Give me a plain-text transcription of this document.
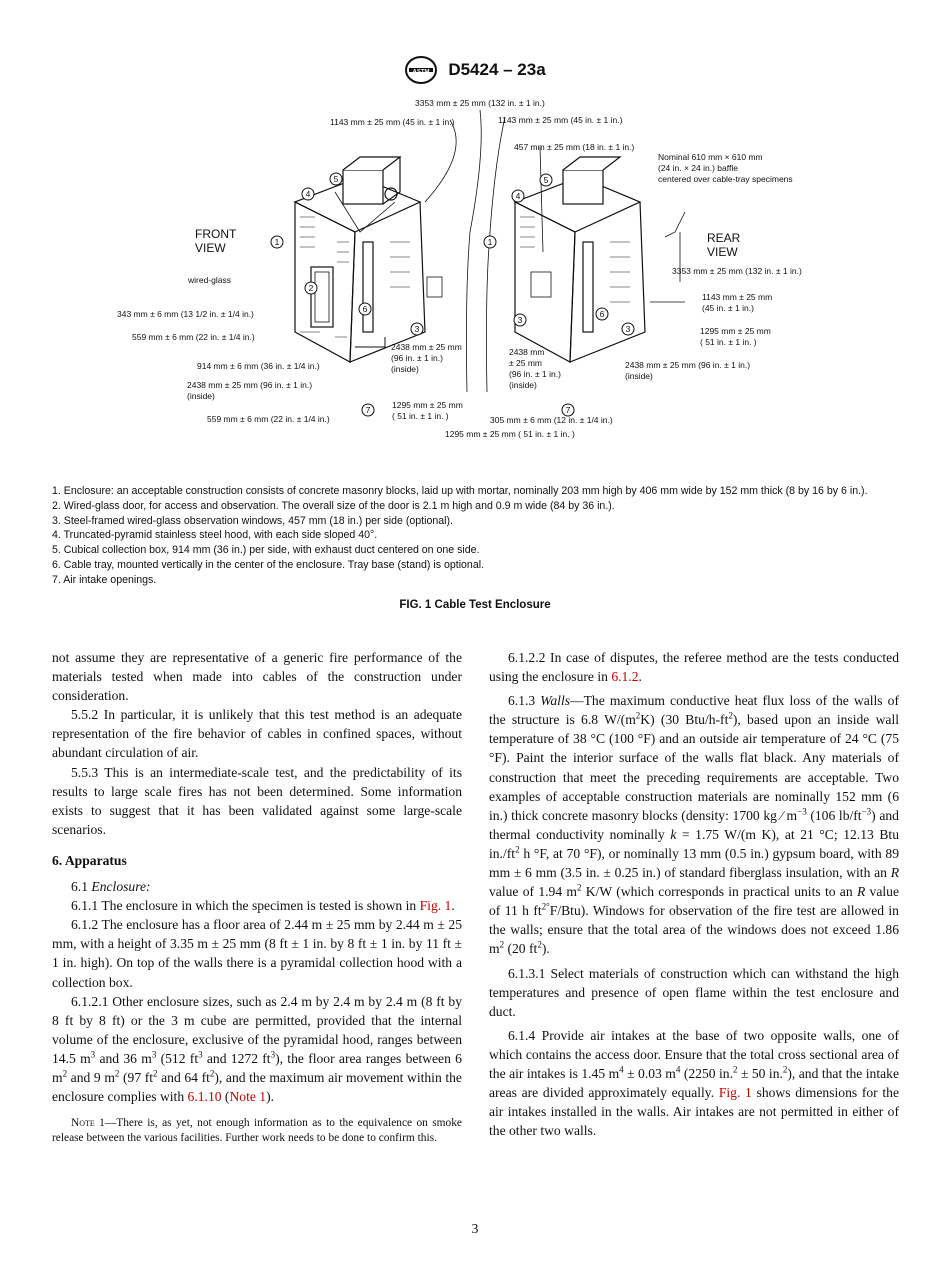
ASTM D5424 – 23a
1
2
4
5
6
3
7
1
4
5
3
6
3
7
FRONT VIEW
REAR VIEW
wired-glass
3353 mm ± 25 mm (132 in. ± 1 in.)
1143 mm ± 25 mm (45 in. ± 1 in.)	1143 mm ± 25 mm (45 in. ± 1 in.)
457 mm ± 25 mm (18 in. ± 1 in.)
Nominal 610 mm × 610 mm (24 in. × 24 in.) baffle centered over cable-tray specimens
3353 mm ± 25 mm (132 in. ± 1 in.)
343 mm ± 6 mm (13 1/2 in. ± 1/4 in.)
559 mm ± 6 mm (22 in. ± 1/4 in.)
914 mm ± 6 mm (36 in. ± 1/4 in.)
2438 mm ± 25 mm (96 in. ± 1 in.) (inside)
559 mm ± 6 mm (22 in. ± 1/4 in.)
2438 mm ± 25 mm (96 in. ± 1 in.) (inside)
2438 mm ± 25 mm (96 in. ± 1 in.) (inside)
1295 mm ± 25 mm ( 51 in. ± 1 in. )	305 mm ± 6 mm (12 in. ± 1/4 in.)
1295 mm ± 25 mm ( 51 in. ± 1 in. )
1143 mm ± 25 mm (45 in. ± 1 in.)
1295 mm ± 25 mm ( 51 in. ± 1 in. )
2438 mm ± 25 mm (96 in. ± 1 in.) (inside)
1. Enclosure: an acceptable construction consists of concrete masonry blocks, laid up with mortar, nominally 203 mm high by 406 mm wide by 152 mm thick (8 by 16 by 6 in.).
2. Wired-glass door, for access and observation. The overall size of the door is 2.1 m high and 0.9 m wide (84 by 36 in.).
3. Steel-framed wired-glass observation windows, 457 mm (18 in.) per side (optional).
4. Truncated-pyramid stainless steel hood, with each side sloped 40°.
5. Cubical collection box, 914 mm (36 in.) per side, with exhaust duct centered on one side.
6. Cable tray, mounted vertically in the center of the enclosure. Tray base (stand) is optional.
7. Air intake openings.
FIG. 1 Cable Test Enclosure

not assume they are representative of a generic fire performance of the materials tested when made into cables of the construction under consideration.

5.5.2 In particular, it is unlikely that this test method is an adequate representation of the fire behavior of cables in confined spaces, without abundant circulation of air.

5.5.3 This is an intermediate-scale test, and the predictability of its results to large scale fires has not been determined. Some information exists to suggest that it has been validated against some large-scale scenarios.

6. Apparatus

6.1 Enclosure:

6.1.1 The enclosure in which the specimen is tested is shown in Fig. 1.

6.1.2 The enclosure has a floor area of 2.44 m ± 25 mm by 2.44 m ± 25 mm, with a height of 3.35 m ± 25 mm (8 ft ± 1 in. by 8 ft ± 1 in. by 11 ft ± 1 in. high). On top of the walls there is a pyramidal collection hood with a collection box.

6.1.2.1 Other enclosure sizes, such as 2.4 m by 2.4 m by 2.4 m (8 ft by 8 ft by 8 ft) or the 3 m cube are permitted, provided that the internal volume of the enclosure, exclusive of the pyramidal hood, ranges between 14.5 $m^3$ and 36 $m^3$ (512 $ft^3$ and 1272 $ft^3$), the floor area ranges between 6 $m^2$ and 9 $m^2$ (97 $ft^2$ and 64 $ft^2$), and the maximum air movement within the enclosure complies with 6.1.10 (Note 1).

Note 1—There is, as yet, not enough information as to the equivalence on smoke release between the various facilities. Further work needs to be done to confirm this.

6.1.2.2 In case of disputes, the referee method are the tests conducted using the enclosure in 6.1.2.

6.1.3 Walls—The maximum conductive heat flux loss of the walls of the structure is 6.8 $W/(m^2K)$ (30 Btu/$h-ft^2$), based upon an inside wall temperature of 38 °C (100 °F) and an outside air temperature of 24 °C (75 °F). Paint the interior surface of the walls flat black. Any materials of construction that meet the preceding requirements are acceptable. Two examples of acceptable construction materials are nominally 152 mm (6 in.) thick concrete masonry blocks (density: 1700 kg ⁄ $m^{-3}$ (106 $lb/ft^{-3}$) and thermal conductivity nominally k = 1.75 W/(m K), at 21 °C; 12.13 Btu $in./ft^2$ h °F, at 70 °F), or nominally 13 mm (0.5 in.) gypsum board, with 89 mm ± 6 mm (3.5 in. ± 0.25 in.) of standard fiberglass insulation, with an R value of 1.94 $m^2$ K/W (which corresponds in practical units to an R value of 11 h $ft^{2^\circ}F/Btu$). Windows for observation of the fire test are allowed in the walls; ensure that the total area of the windows does not exceed 1.86 $m^2$ (20 $ft^2$).

6.1.3.1 Select materials of construction which can withstand the high temperatures and presence of open flame within the test enclosure and duct.

6.1.4 Provide air intakes at the base of two opposite walls, one of which contains the access door. Ensure that the total cross sectional area of the air intakes is 1.45 $m^4 \pm 0.03$ $m^4$ (2250 in.$^2$ ± 50 in.$^2$), and that the intake areas are divided approximately equally. Fig. 1 shows dimensions for the air intakes installed in the walls. Air intakes are not permitted in either of the other two walls.

3
